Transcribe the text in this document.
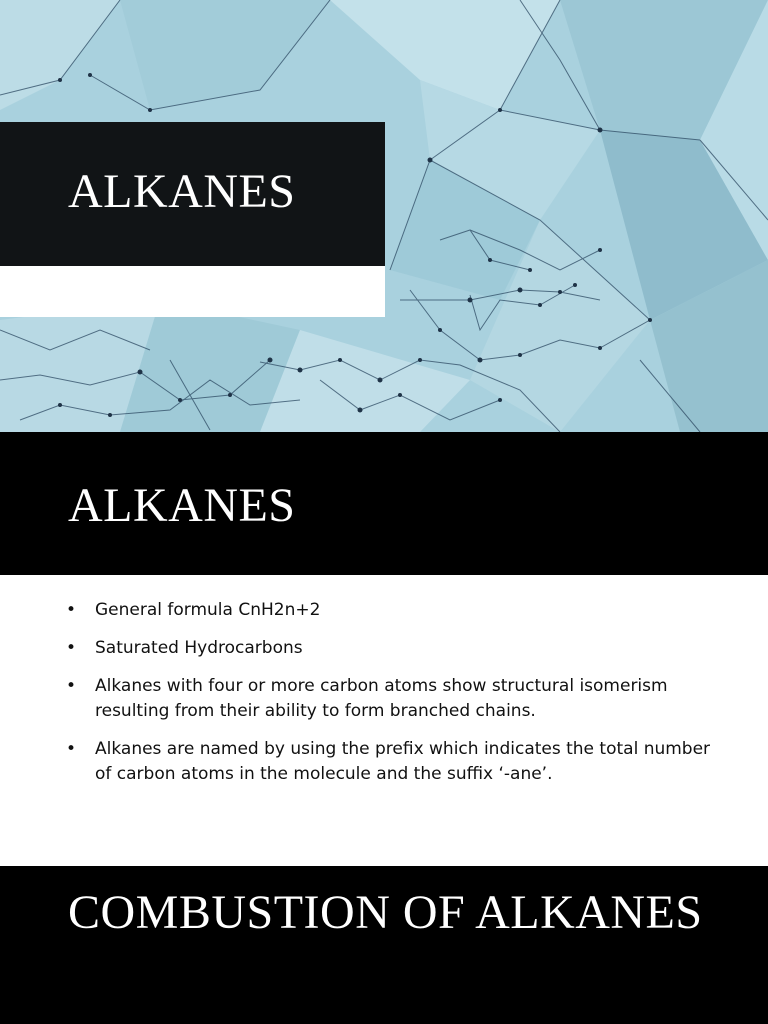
ALKANES
ALKANES
• General formula CnH2n+2
• Saturated Hydrocarbons
• Alkanes with four or more carbon atoms show structural isomerism resulting from their ability to form branched chains.
• Alkanes are named by using the prefix which indicates the total number of carbon atoms in the molecule and the suffix ‘-ane’.
COMBUSTION OF ALKANES
